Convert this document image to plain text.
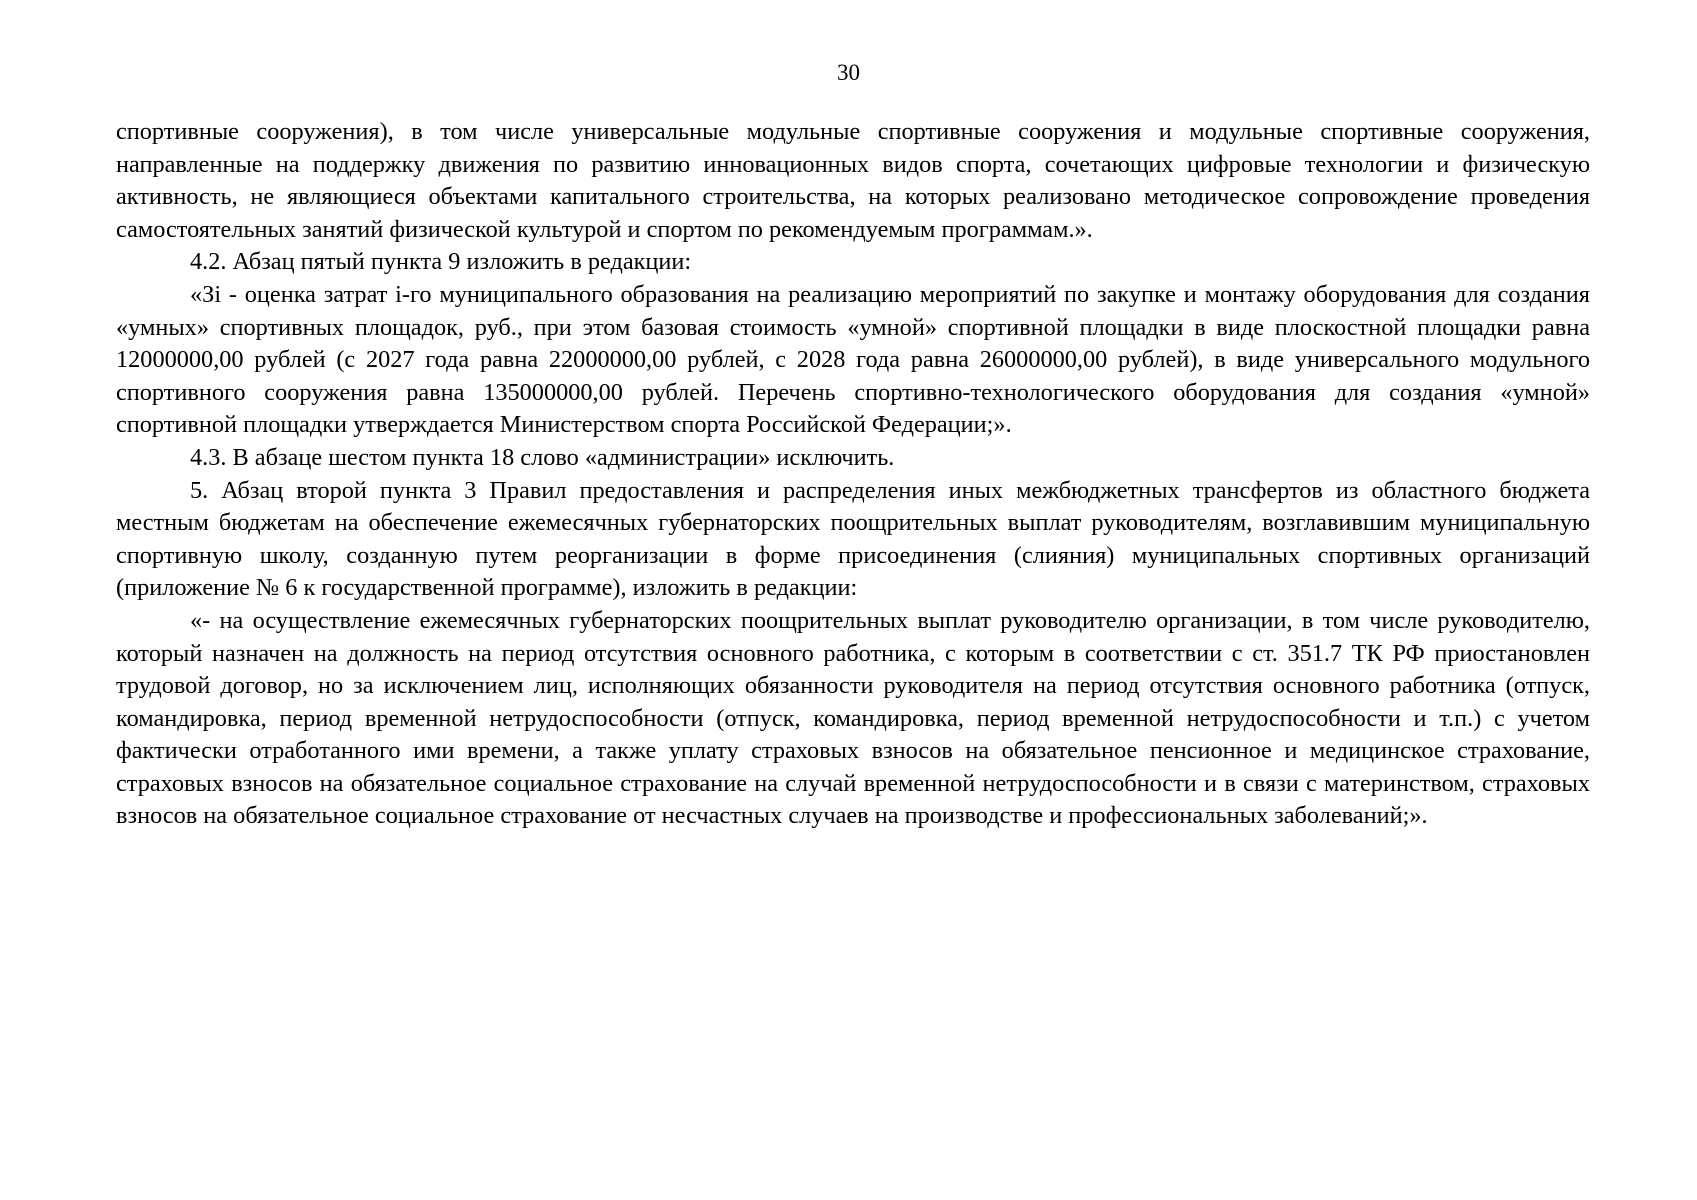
30

спортивные сооружения), в том числе универсальные модульные спортивные сооружения и модульные спортивные сооружения, направленные на поддержку движения по развитию инновационных видов спорта, сочетающих цифровые технологии и физическую активность, не являющиеся объектами капитального строительства, на которых реализовано методическое сопровождение проведения самостоятельных занятий физической культурой и спортом по рекомендуемым программам.».

4.2. Абзац пятый пункта 9 изложить в редакции:

«Зi - оценка затрат i-го муниципального образования на реализацию мероприятий по закупке и монтажу оборудования для создания «умных» спортивных площадок, руб., при этом базовая стоимость «умной» спортивной площадки в виде плоскостной площадки равна 12000000,00 рублей (с 2027 года равна 22000000,00 рублей, с 2028 года равна 26000000,00 рублей), в виде универсального модульного спортивного сооружения равна 135000000,00 рублей. Перечень спортивно-технологического оборудования для создания «умной» спортивной площадки утверждается Министерством спорта Российской Федерации;».

4.3. В абзаце шестом пункта 18 слово «администрации» исключить.

5. Абзац второй пункта 3 Правил предоставления и распределения иных межбюджетных трансфертов из областного бюджета местным бюджетам на обеспечение ежемесячных губернаторских поощрительных выплат руководителям, возглавившим муниципальную спортивную школу, созданную путем реорганизации в форме присоединения (слияния) муниципальных спортивных организаций (приложение № 6 к государственной программе), изложить в редакции:

«- на осуществление ежемесячных губернаторских поощрительных выплат руководителю организации, в том числе руководителю, который назначен на должность на период отсутствия основного работника, с которым в соответствии с ст. 351.7 ТК РФ приостановлен трудовой договор, но за исключением лиц, исполняющих обязанности руководителя на период отсутствия основного работника (отпуск, командировка, период временной нетрудоспособности (отпуск, командировка, период временной нетрудоспособности и т.п.) с учетом фактически отработанного ими времени, а также уплату страховых взносов на обязательное пенсионное и медицинское страхование, страховых взносов на обязательное социальное страхование на случай временной нетрудоспособности и в связи с материнством, страховых взносов на обязательное социальное страхование от несчастных случаев на производстве и профессиональных заболеваний;».
